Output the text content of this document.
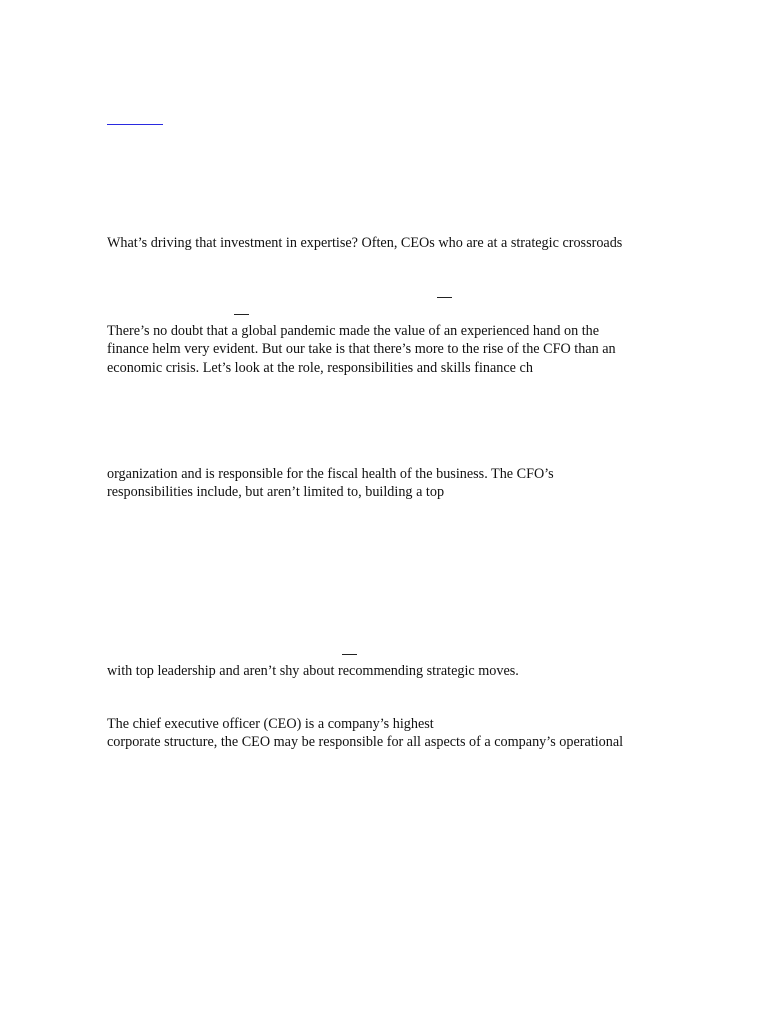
What’s driving that investment in expertise? Often, CEOs who are at a strategic crossroads

There’s no doubt that a global pandemic made the value of an experienced hand on the
finance helm very evident. But our take is that there’s more to the rise of the CFO than an
economic crisis. Let’s look at the role, responsibilities and skills finance ch

organization and is responsible for the fiscal health of the business. The CFO’s
responsibilities include, but aren’t limited to, building a top

with top leadership and aren’t shy about recommending strategic moves.

The chief executive officer (CEO) is a company’s highest
corporate structure, the CEO may be responsible for all aspects of a company’s operational
